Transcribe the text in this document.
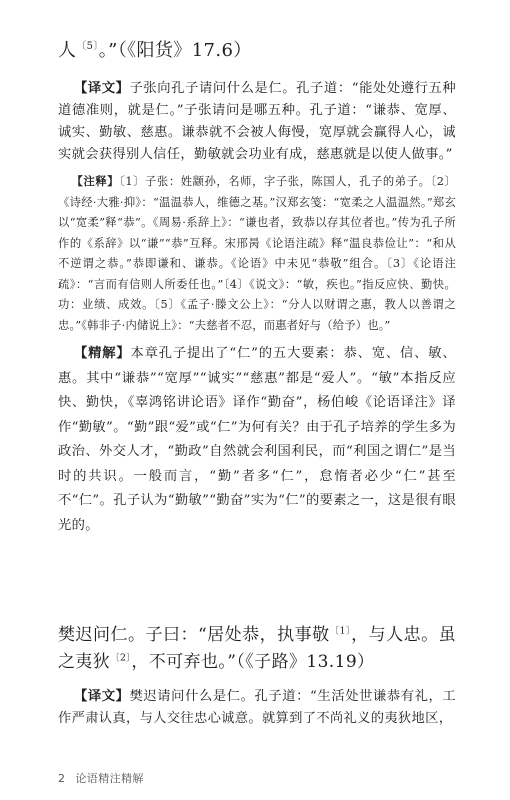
人$^{〔5〕}$。”（《阳货》17.6）

【译文】子张向孔子请问什么是仁。孔子道：“能处处遵行五种道德准则，就是仁。”子张请问是哪五种。孔子道：“谦恭、宽厚、诚实、勤敏、慈惠。谦恭就不会被人侮慢，宽厚就会赢得人心，诚实就会获得别人信任，勤敏就会功业有成，慈惠就是以使人做事。”

【注释】〔1〕子张：姓颛孙，名师，字子张，陈国人，孔子的弟子。〔2〕《诗经·大雅·抑》：“温温恭人，维德之基。”汉郑玄笺：“宽柔之人温温然。”郑玄以“宽柔”释“恭”。《周易·系辞上》：“谦也者，致恭以存其位者也。”传为孔子所作的《系辞》以“谦”“恭”互释。宋邢昺《论语注疏》释“温良恭俭让”：“和从不逆谓之恭。”恭即谦和、谦恭。《论语》中未见“恭敬”组合。〔3〕《论语注疏》：“言而有信则人所委任也。”〔4〕《说文》：“敏，疾也。”指反应快、勤快。功：业绩、成效。〔5〕《孟子·滕文公上》：“分人以财谓之惠，教人以善谓之忠。”《韩非子·内储说上》：“夫慈者不忍，而惠者好与（给予）也。”

【精解】本章孔子提出了“仁”的五大要素：恭、宽、信、敏、惠。其中“谦恭”“宽厚”“诚实”“慈惠”都是“爱人”。“敏”本指反应快、勤快，《辜鸿铭讲论语》译作“勤奋”，杨伯峻《论语译注》译作“勤敏”。“勤”跟“爱”或“仁”为何有关？由于孔子培养的学生多为政治、外交人才，“勤政”自然就会利国利民，而“利国之谓仁”是当时的共识。一般而言，“勤”者多“仁”，怠惰者必少“仁”甚至不“仁”。孔子认为“勤敏”“勤奋”实为“仁”的要素之一，这是很有眼光的。

樊迟问仁。子曰：“居处恭，执事敬$^{〔1〕}$，与人忠。虽之夷狄$^{〔2〕}$，不可弃也。”（《子路》13.19）

【译文】樊迟请问什么是仁。孔子道：“生活处世谦恭有礼，工作严肃认真，与人交往忠心诚意。就算到了不尚礼义的夷狄地区，

2 论语精注精解
